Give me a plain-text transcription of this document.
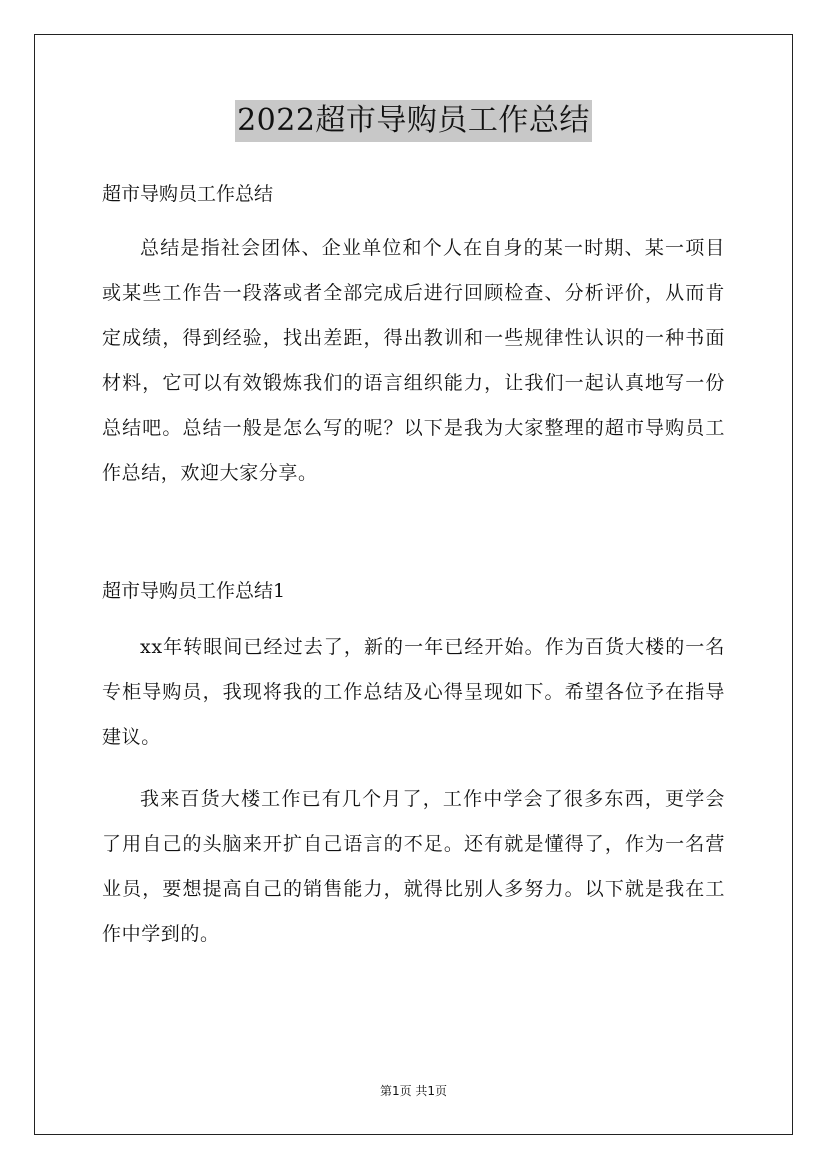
2022超市导购员工作总结

超市导购员工作总结

总结是指社会团体、企业单位和个人在自身的某一时期、某一项目或某些工作告一段落或者全部完成后进行回顾检查、分析评价，从而肯定成绩，得到经验，找出差距，得出教训和一些规律性认识的一种书面材料，它可以有效锻炼我们的语言组织能力，让我们一起认真地写一份总结吧。总结一般是怎么写的呢？以下是我为大家整理的超市导购员工作总结，欢迎大家分享。

超市导购员工作总结1

xx年转眼间已经过去了，新的一年已经开始。作为百货大楼的一名专柜导购员，我现将我的工作总结及心得呈现如下。希望各位予在指导建议。

我来百货大楼工作已有几个月了，工作中学会了很多东西，更学会了用自己的头脑来开扩自己语言的不足。还有就是懂得了，作为一名营业员，要想提高自己的销售能力，就得比别人多努力。以下就是我在工作中学到的。

第1页 共1页
